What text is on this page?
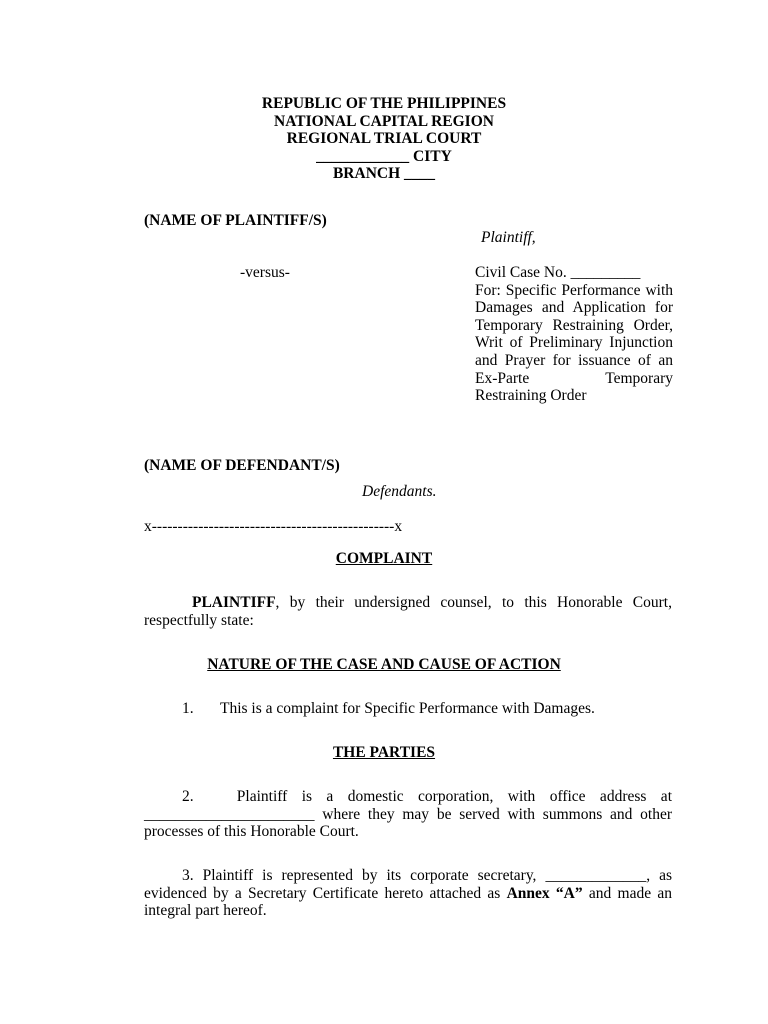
REPUBLIC OF THE PHILIPPINES
NATIONAL CAPITAL REGION
REGIONAL TRIAL COURT
____________ CITY
BRANCH ____
(NAME OF PLAINTIFF/S)
Plaintiff,
-versus-	Civil Case No. _________
For: Specific Performance with Damages and Application for Temporary Restraining Order, Writ of Preliminary Injunction and Prayer for issuance of an Ex-Parte Temporary Restraining Order
(NAME OF DEFENDANT/S)
Defendants.
x-----------------------------------------------x
COMPLAINT
PLAINTIFF, by their undersigned counsel, to this Honorable Court, respectfully state:
NATURE OF THE CASE AND CAUSE OF ACTION
1. This is a complaint for Specific Performance with Damages.
THE PARTIES
2.   Plaintiff is a domestic corporation, with office address at ______________________ where they may be served with summons and other processes of this Honorable Court.
3. Plaintiff is represented by its corporate secretary, _____________, as evidenced by a Secretary Certificate hereto attached as Annex “A” and made an integral part hereof.
